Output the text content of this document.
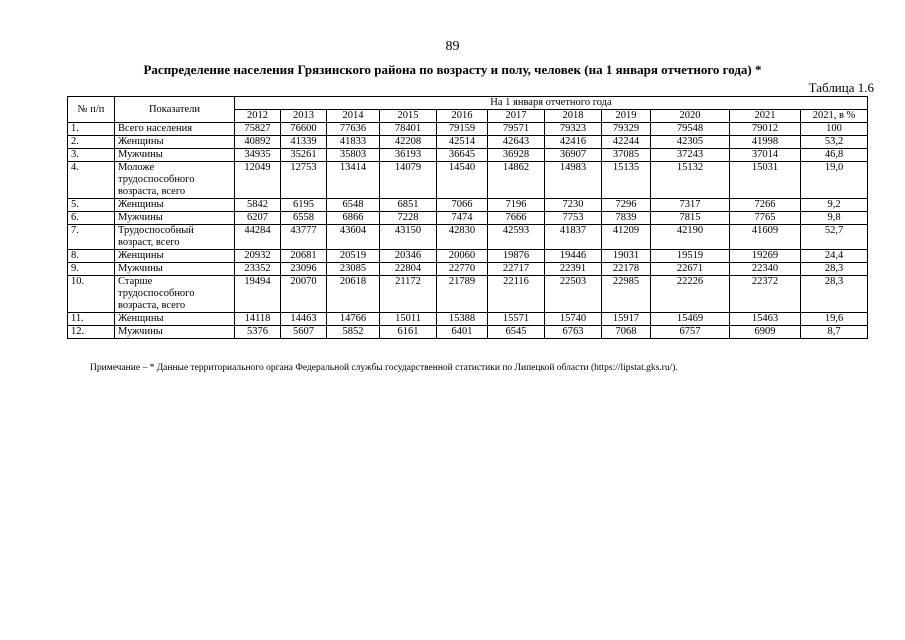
89
Распределение населения Грязинского района по возрасту и полу, человек (на 1 января отчетного года) *
Таблица 1.6
№ п/п	Показатели	На 1 января отчетного года										
		2012	2013	2014	2015	2016	2017	2018	2019	2020	2021	2021, в %
1.	Всего населения	75827	76600	77636	78401	79159	79571	79323	79329	79548	79012	100
2.	Женщины	40892	41339	41833	42208	42514	42643	42416	42244	42305	41998	53,2
3.	Мужчины	34935	35261	35803	36193	36645	36928	36907	37085	37243	37014	46,8
4.	Моложе трудоспособного возраста, всего	12049	12753	13414	14079	14540	14862	14983	15135	15132	15031	19,0
5.	Женщины	5842	6195	6548	6851	7066	7196	7230	7296	7317	7266	9,2
6.	Мужчины	6207	6558	6866	7228	7474	7666	7753	7839	7815	7765	9,8
7.	Трудоспособный возраст, всего	44284	43777	43604	43150	42830	42593	41837	41209	42190	41609	52,7
8.	Женщины	20932	20681	20519	20346	20060	19876	19446	19031	19519	19269	24,4
9.	Мужчины	23352	23096	23085	22804	22770	22717	22391	22178	22671	22340	28,3
10.	Старше трудоспособного возраста, всего	19494	20070	20618	21172	21789	22116	22503	22985	22226	22372	28,3
11.	Женщины	14118	14463	14766	15011	15388	15571	15740	15917	15469	15463	19,6
12.	Мужчины	5376	5607	5852	6161	6401	6545	6763	7068	6757	6909	8,7
Примечание – * Данные территориального органа Федеральной службы государственной статистики по Липецкой области (https://lipstat.gks.ru/).
